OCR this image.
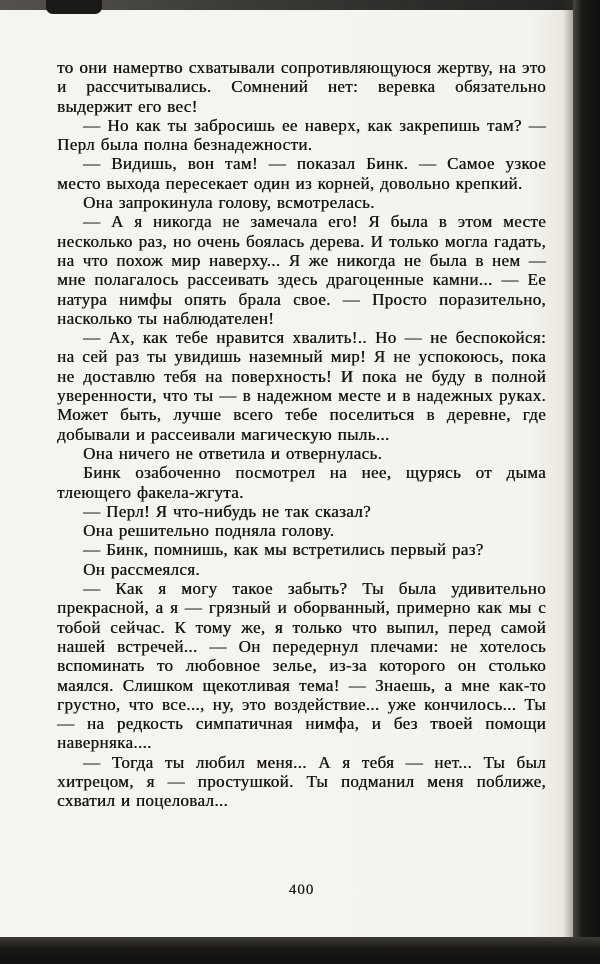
то они намертво схватывали сопротивляющуюся жертву, на это и рассчитывались. Сомнений нет: веревка обязательно выдержит его вес!

— Но как ты забросишь ее наверх, как закрепишь там? — Перл была полна безнадежности.

— Видишь, вон там! — показал Бинк. — Самое узкое место выхода пересекает один из корней, довольно крепкий.

Она запрокинула голову, всмотрелась.

— А я никогда не замечала его! Я была в этом месте несколько раз, но очень боялась дерева. И только могла гадать, на что похож мир наверху... Я же никогда не была в нем — мне полагалось рассеивать здесь драгоценные камни... — Ее натура нимфы опять брала свое. — Просто поразительно, насколько ты наблюдателен!

— Ах, как тебе нравится хвалить!.. Но — не беспокойся: на сей раз ты увидишь наземный мир! Я не успокоюсь, пока не доставлю тебя на поверхность! И пока не буду в полной уверенности, что ты — в надежном месте и в надежных руках. Может быть, лучше всего тебе поселиться в деревне, где добывали и рассеивали магическую пыль...

Она ничего не ответила и отвернулась.

Бинк озабоченно посмотрел на нее, щурясь от дыма тлеющего факела-жгута.

— Перл! Я что-нибудь не так сказал?

Она решительно подняла голову.

— Бинк, помнишь, как мы встретились первый раз?

Он рассмеялся.

— Как я могу такое забыть? Ты была удивительно прекрасной, а я — грязный и оборванный, примерно как мы с тобой сейчас. К тому же, я только что выпил, перед самой нашей встречей... — Он передернул плечами: не хотелось вспоминать то любовное зелье, из-за которого он столько маялся. Слишком щекотливая тема! — Знаешь, а мне как-то грустно, что все..., ну, это воздействие... уже кончилось... Ты — на редкость симпатичная нимфа, и без твоей помощи наверняка....

— Тогда ты любил меня... А я тебя — нет... Ты был хитрецом, я — простушкой. Ты подманил меня поближе, схватил и поцеловал...

400
